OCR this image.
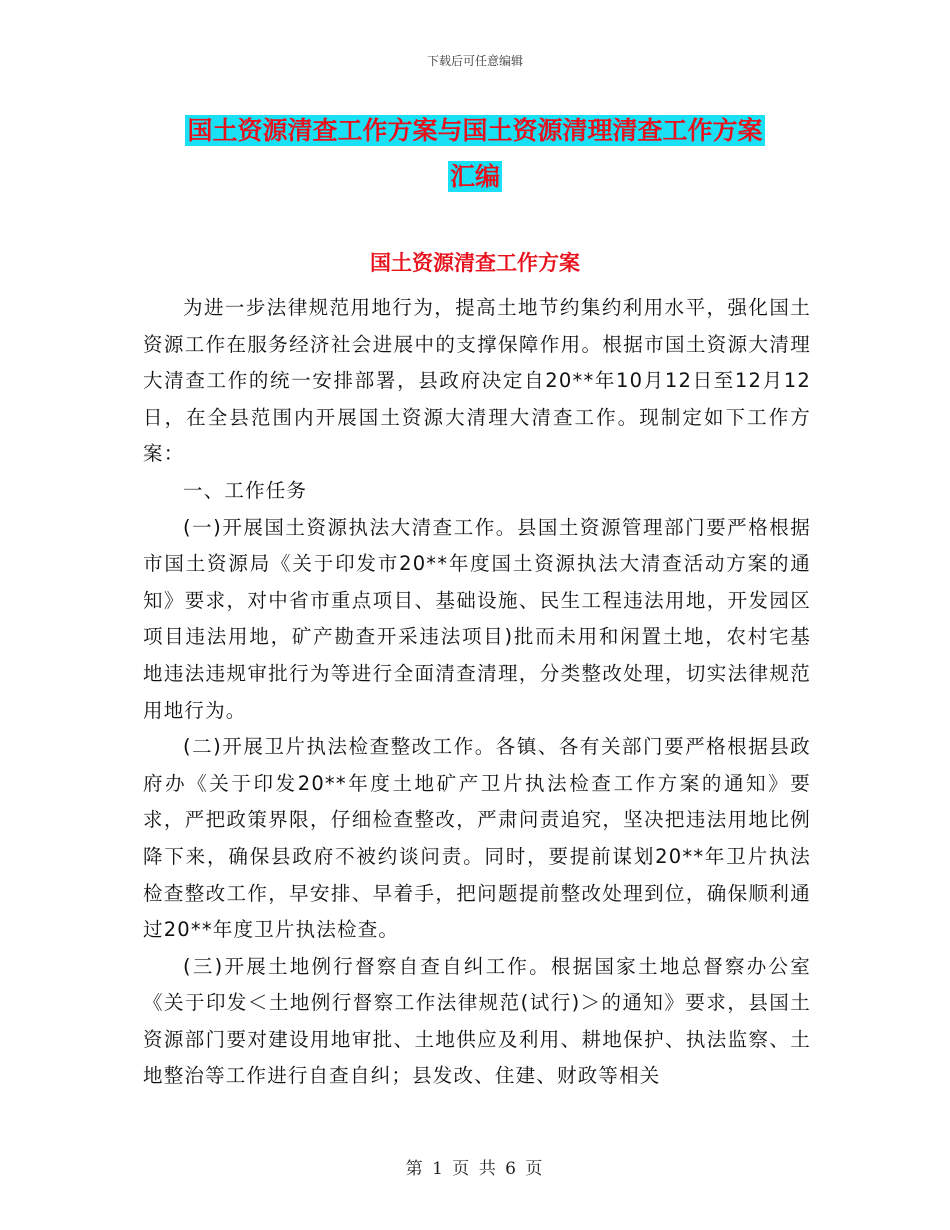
下载后可任意编辑
国土资源清查工作方案与国土资源清理清查工作方案
汇编
国土资源清查工作方案

为进一步法律规范用地行为，提高土地节约集约利用水平，强化国土资源工作在服务经济社会进展中的支撑保障作用。根据市国土资源大清理大清查工作的统一安排部署，县政府决定自20**年10月12日至12月12日，在全县范围内开展国土资源大清理大清查工作。现制定如下工作方案：

一、工作任务

(一)开展国土资源执法大清查工作。县国土资源管理部门要严格根据市国土资源局《关于印发市20**年度国土资源执法大清查活动方案的通知》要求，对中省市重点项目、基础设施、民生工程违法用地，开发园区项目违法用地，矿产勘查开采违法项目)批而未用和闲置土地，农村宅基地违法违规审批行为等进行全面清查清理，分类整改处理，切实法律规范用地行为。

(二)开展卫片执法检查整改工作。各镇、各有关部门要严格根据县政府办《关于印发20**年度土地矿产卫片执法检查工作方案的通知》要求，严把政策界限，仔细检查整改，严肃问责追究，坚决把违法用地比例降下来，确保县政府不被约谈问责。同时，要提前谋划20**年卫片执法检查整改工作，早安排、早着手，把问题提前整改处理到位，确保顺利通过20**年度卫片执法检查。

(三)开展土地例行督察自查自纠工作。根据国家土地总督察办公室《关于印发＜土地例行督察工作法律规范(试行)＞的通知》要求，县国土资源部门要对建设用地审批、土地供应及利用、耕地保护、执法监察、土地整治等工作进行自查自纠；县发改、住建、财政等相关

第 1 页 共 6 页
